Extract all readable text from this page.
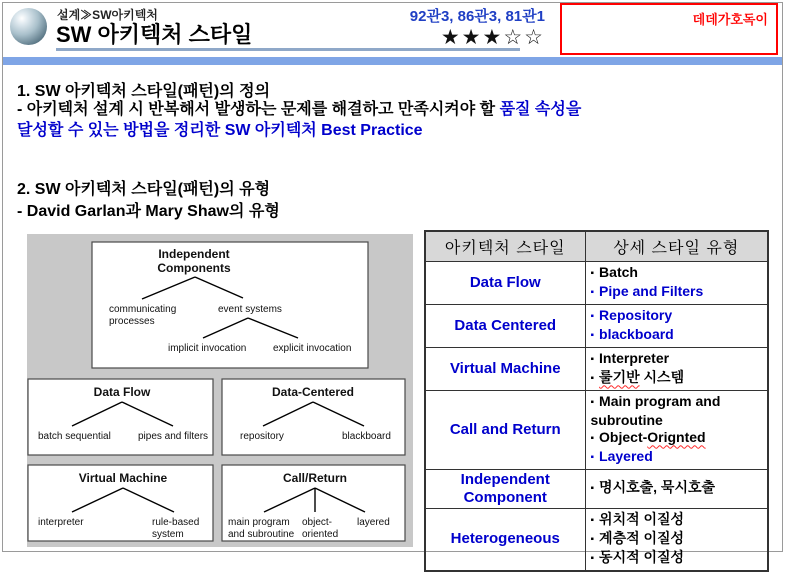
설계≫SW아키텍처
SW 아키텍처 스타일
92관3, 86관3, 81관1
★★★☆☆
데데가호독이
1. SW 아키텍처 스타일(패턴)의 정의
- 아키텍처 설계 시 반복해서 발생하는 문제를 해결하고 만족시켜야 할 품질 속성을
달성할 수 있는 방법을 정리한 SW 아키텍처 Best Practice
2. SW 아키텍처 스타일(패턴)의 유형
- David Garlan과 Mary Shaw의 유형
Independent
Components
communicating
processes
event systems
implicit invocation	explicit invocation
Data Flow
batch sequential	pipes and filters
Data-Centered
repository	blackboard
Virtual Machine
interpreter	rule-based
system
Call/Return
main program
and subroutine
object-
oriented
layered
아키텍처 스타일	상세 스타일 유형
Data Flow	▪ Batch
▪ Pipe and Filters

Data Centered	▪ Repository
▪ blackboard

Virtual Machine	▪ Interpreter
▪ 룰기반 시스템

Call and Return	▪ Main program and subroutine
▪ Object-Orignted
▪ Layered

Independent Component	▪ 명시호출, 묵시호출

Heterogeneous	▪ 위치적 이질성
▪ 계층적 이질성
▪ 동시적 이질성
